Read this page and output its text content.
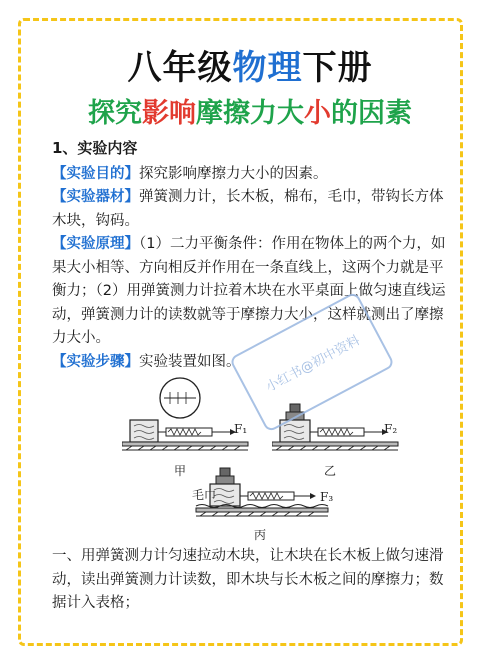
八年级物理下册
探究影响摩擦力大小的因素
1、实验内容

【实验目的】探究影响摩擦力大小的因素。

【实验器材】弹簧测力计，长木板，棉布，毛巾，带钩长方体木块，钩码。

【实验原理】（1）二力平衡条件：作用在物体上的两个力，如果大小相等、方向相反并作用在一条直线上，这两个力就是平衡力；（2）用弹簧测力计拉着木块在水平桌面上做匀速直线运动，弹簧测力计的读数就等于摩擦力大小，这样就测出了摩擦力大小。

【实验步骤】实验装置如图。

F₁
甲
F₂
乙
毛巾	F₃
丙

一、用弹簧测力计匀速拉动木块，让木块在长木板上做匀速滑动，读出弹簧测力计读数，即木块与长木板之间的摩擦力；数据计入表格；

小红书@初中资料
